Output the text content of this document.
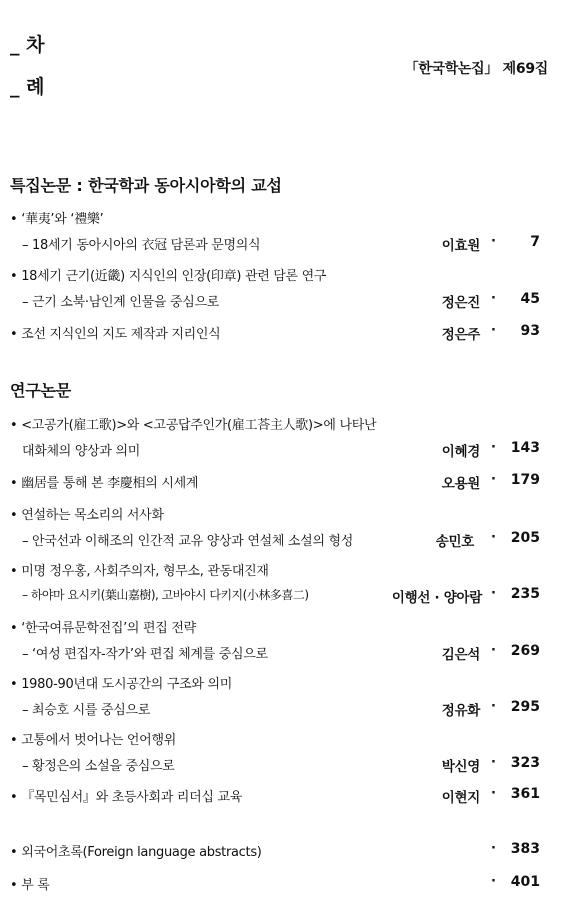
_ 차
_ 례
「한국학논집」 제69집
특집논문 : 한국학과 동아시아학의 교섭
• ‘華夷’와 ‘禮樂’
– 18세기 동아시아의 衣冠 담론과 문명의식	이효원 · 7
• 18세기 근기(近畿) 지식인의 인장(印章) 관련 담론 연구
– 근기 소북·남인계 인물을 중심으로	정은진 · 45
• 조선 지식인의 지도 제작과 지리인식	정은주 · 93
연구논문
• <고공가(雇工歌)>와 <고공답주인가(雇工荅主人歌)>에 나타난
대화체의 양상과 의미	이혜경 · 143
• 幽居를 통해 본 李慶相의 시세계	오용원 · 179
• 연설하는 목소리의 서사화
– 안국선과 이해조의 인간적 교유 양상과 연설체 소설의 형성	송민호 · 205
• 미명 정우홍, 사회주의자, 형무소, 관동대진재
– 하야마 요시키(葉山嘉樹), 고바야시 다키지(小林多喜二)	이행선 · 양아람 · 235
• ‘한국여류문학전집’의 편집 전략
– ‘여성 편집자-작가’와 편집 체계를 중심으로	김은석 · 269
• 1980-90년대 도시공간의 구조와 의미
– 최승호 시를 중심으로	정유화 · 295
• 고통에서 벗어나는 언어행위
– 황정은의 소설을 중심으로	박신영 · 323
• 『목민심서』와 초등사회과 리더십 교육	이현지 · 361
• 외국어초록(Foreign language abstracts)	· 383
• 부 록	· 401
